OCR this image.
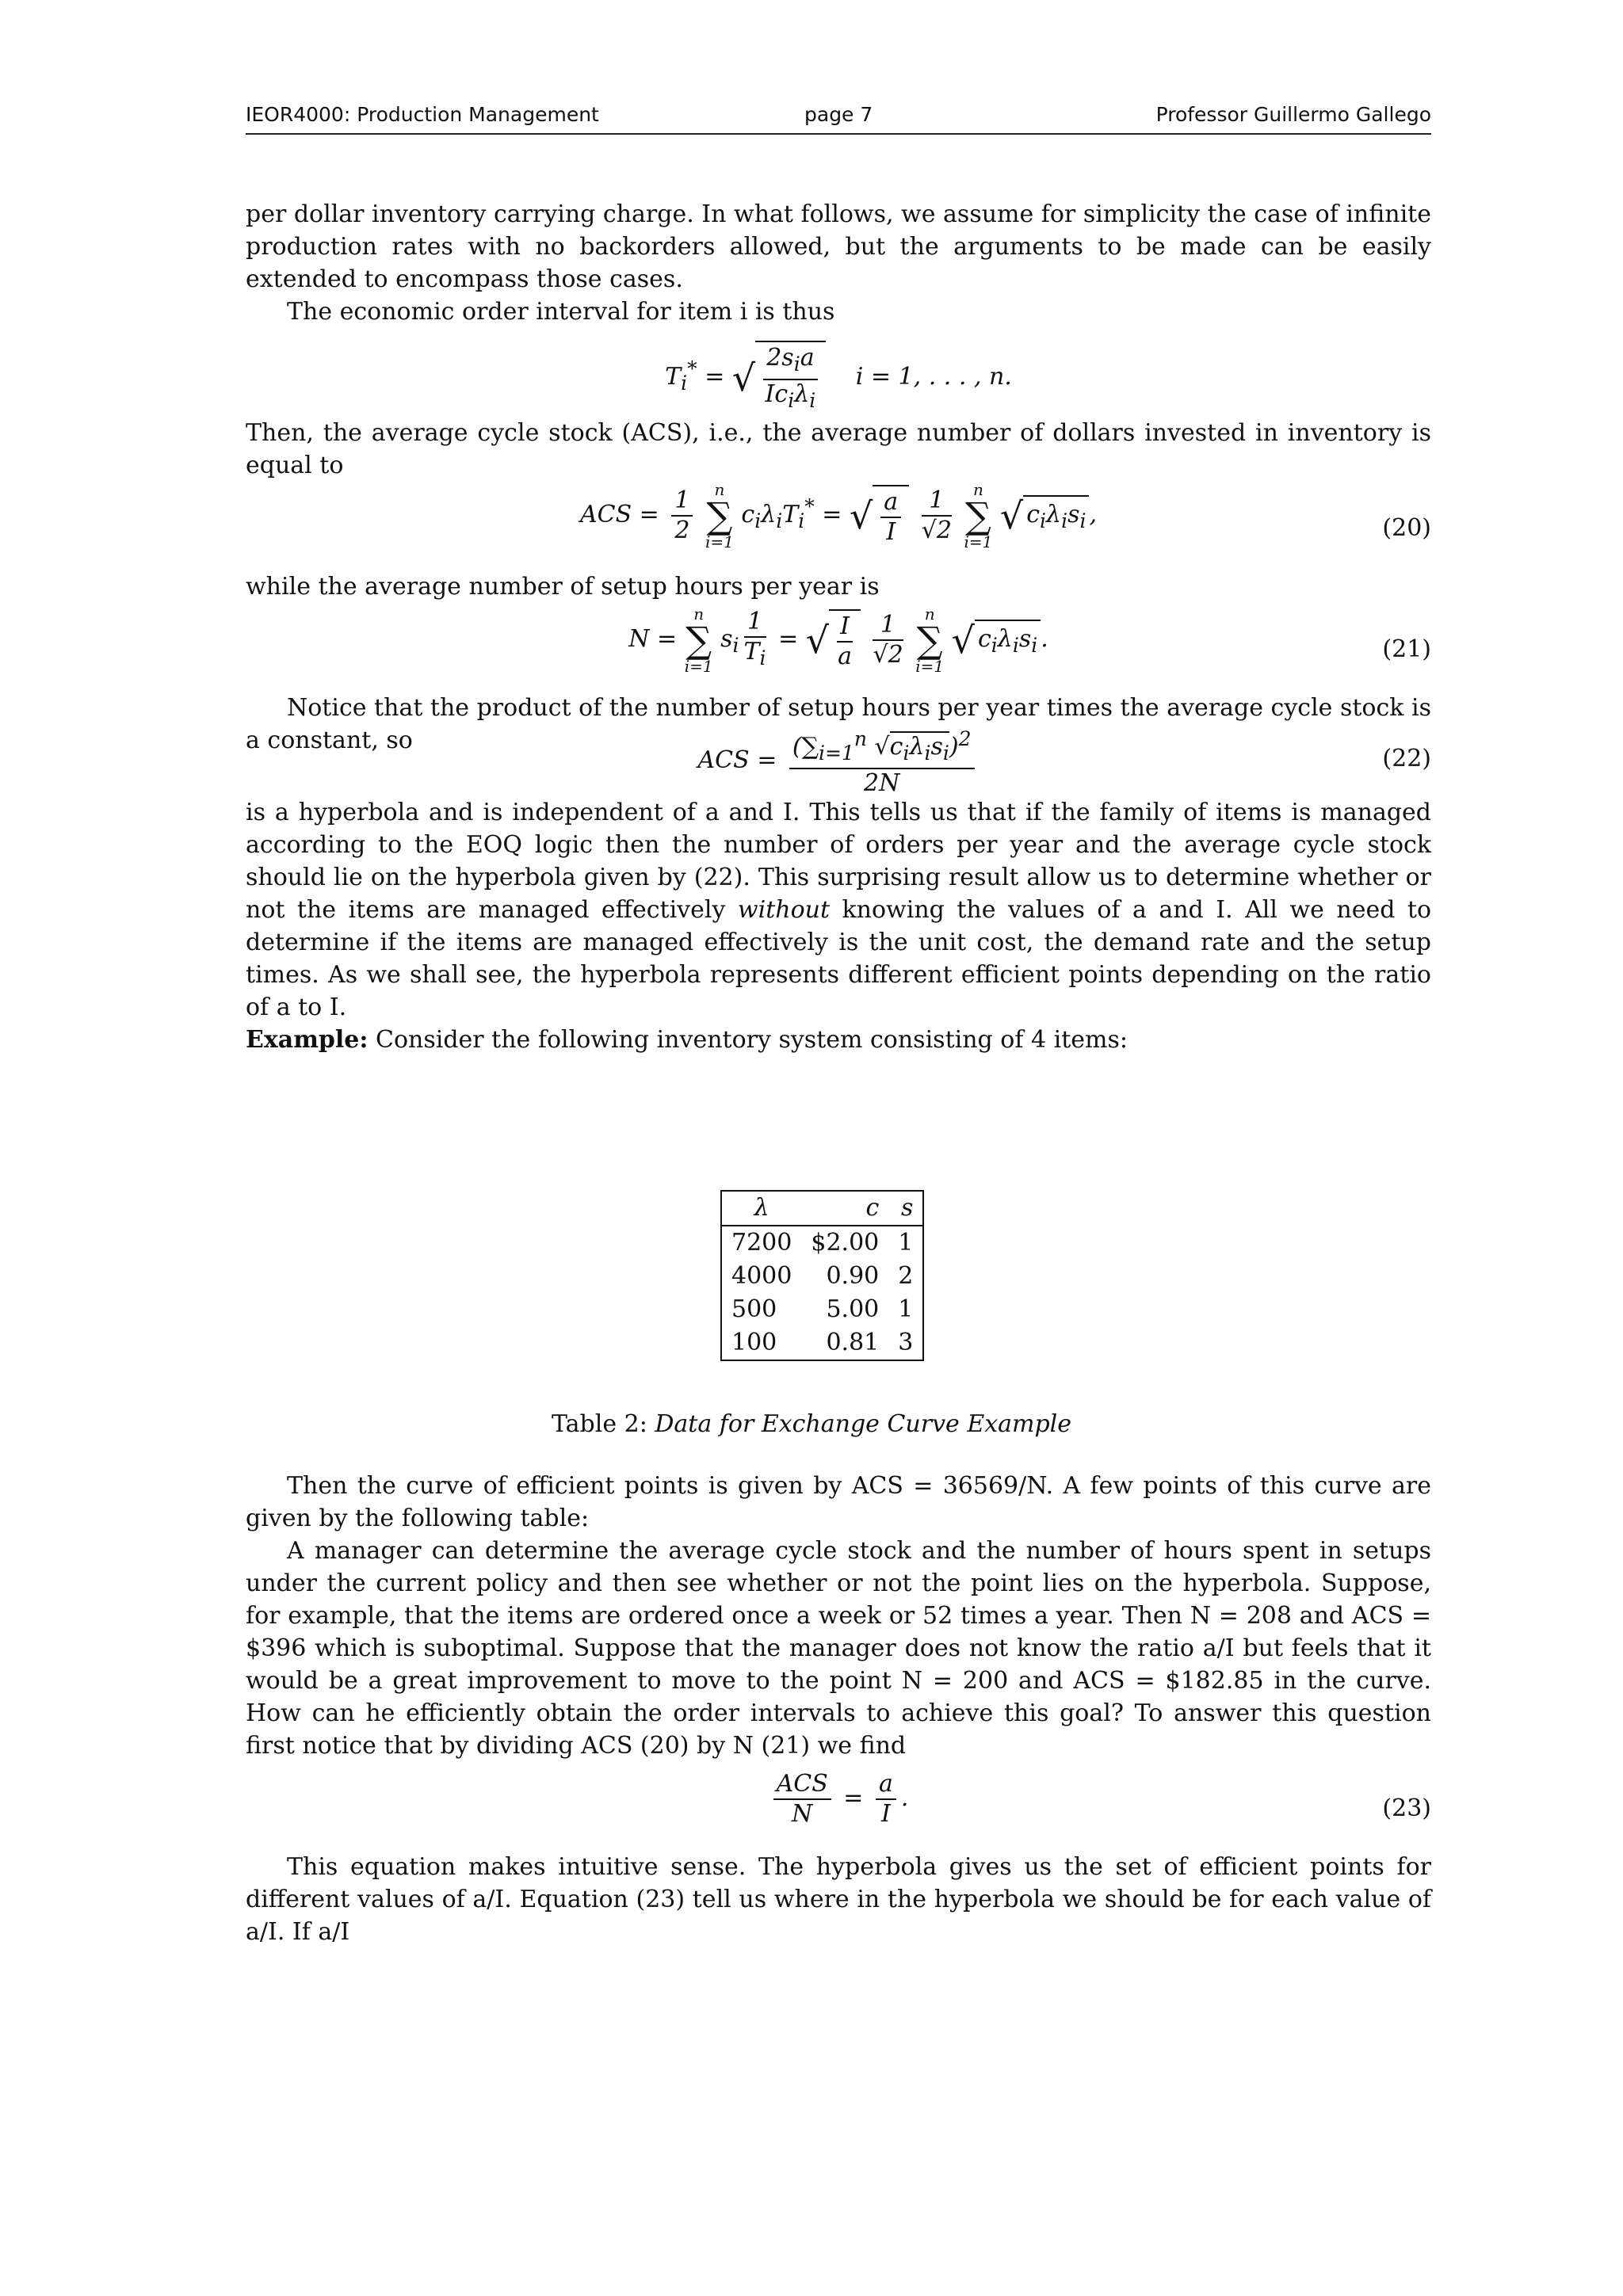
IEOR4000: Production Management	page 7	Professor Guillermo Gallego

per dollar inventory carrying charge. In what follows, we assume for simplicity the case of infinite production rates with no backorders allowed, but the arguments to be made can be easily extended to encompass those cases.

The economic order interval for item i is thus

$T_i^*$ = √ $\frac{2s_ia}{Ic_i\lambda_i}$ i = 1, . . . , n.

Then, the average cycle stock (ACS), i.e., the average number of dollars invested in inventory is equal to

ACS = $\frac{1}{2}$
	n
∑
i=1
$c_i\lambda_iT_i^*$ = √ $\frac{a}{I}$
$\frac{1}{√2}$
	n
∑
i=1
√ $c_i\lambda_is_i$ ,	(20)

while the average number of setup hours per year is

N =
n
∑
i=1
$s_i \frac{1}{T_i}$ = √ $\frac{I}{a}$
$\frac{1}{√2}$
	n
∑
i=1
√ $c_i\lambda_is_i$ .	(21)

Notice that the product of the number of setup hours per year times the average cycle stock is a constant, so

ACS = $\frac{(\sum_{i=1}^n √c_i\lambda_is_i)^2}{2N}$	(22)

is a hyperbola and is independent of a and I. This tells us that if the family of items is managed according to the EOQ logic then the number of orders per year and the average cycle stock should lie on the hyperbola given by (22). This surprising result allow us to determine whether or not the items are managed effectively without knowing the values of a and I. All we need to determine if the items are managed effectively is the unit cost, the demand rate and the setup times. As we shall see, the hyperbola represents different efficient points depending on the ratio of a to I.

Example: Consider the following inventory system consisting of 4 items:

λ	c	s
7200	$2.00	1
4000	0.90	2
500	5.00	1
100	0.81	3
Table 2: Data for Exchange Curve Example

Then the curve of efficient points is given by ACS = 36569/N. A few points of this curve are given by the following table:

A manager can determine the average cycle stock and the number of hours spent in setups under the current policy and then see whether or not the point lies on the hyperbola. Suppose, for example, that the items are ordered once a week or 52 times a year. Then N = 208 and ACS = $396 which is suboptimal. Suppose that the manager does not know the ratio a/I but feels that it would be a great improvement to move to the point N = 200 and ACS = $182.85 in the curve. How can he efficiently obtain the order intervals to achieve this goal? To answer this question first notice that by dividing ACS (20) by N (21) we find

$\frac{\text{ACS}}{N} = \frac{a}{I}$ .	(23)

This equation makes intuitive sense. The hyperbola gives us the set of efficient points for different values of a/I. Equation (23) tell us where in the hyperbola we should be for each value of a/I. If a/I
